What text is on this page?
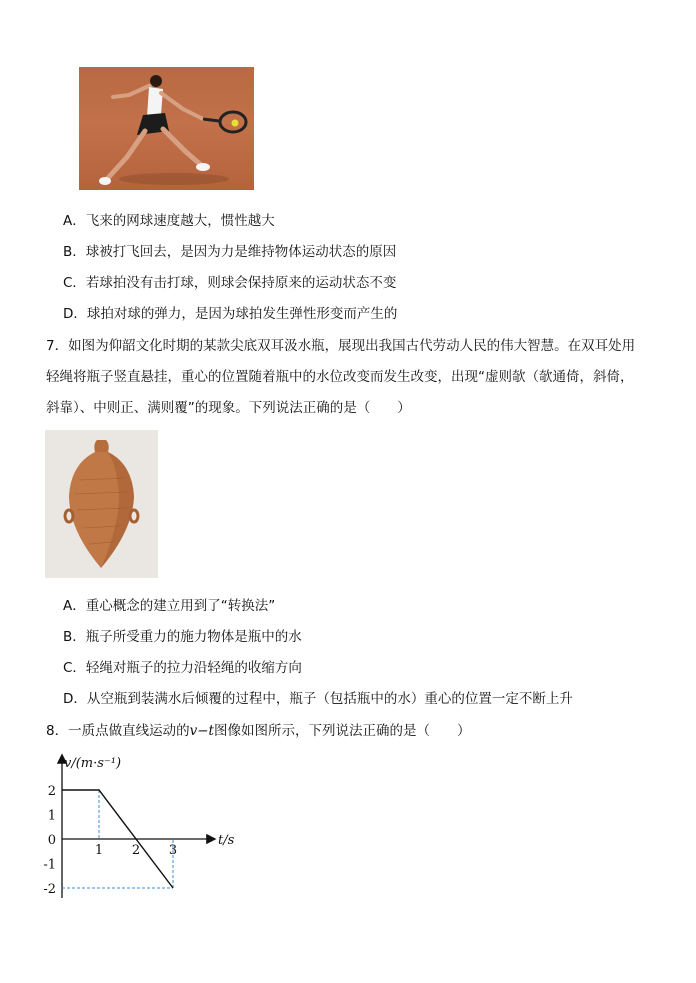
A．飞来的网球速度越大，惯性越大
B．球被打飞回去，是因为力是维持物体运动状态的原因
C．若球拍没有击打球，则球会保持原来的运动状态不变
D．球拍对球的弹力，是因为球拍发生弹性形变而产生的
7．如图为仰韶文化时期的某款尖底双耳汲水瓶，展现出我国古代劳动人民的伟大智慧。在双耳处用
轻绳将瓶子竖直悬挂，重心的位置随着瓶中的水位改变而发生改变，出现“虚则欹（欹通倚，斜倚，
斜靠）、中则正、满则覆”的现象。下列说法正确的是（　　）
A．重心概念的建立用到了“转换法”
B．瓶子所受重力的施力物体是瓶中的水
C．轻绳对瓶子的拉力沿轻绳的收缩方向
D．从空瓶到装满水后倾覆的过程中，瓶子（包括瓶中的水）重心的位置一定不断上升
8．一质点做直线运动的v−t图像如图所示，下列说法正确的是（　　）
v/(m·s⁻¹)
t/s
2
1
0
-1
-2
1 2 3
